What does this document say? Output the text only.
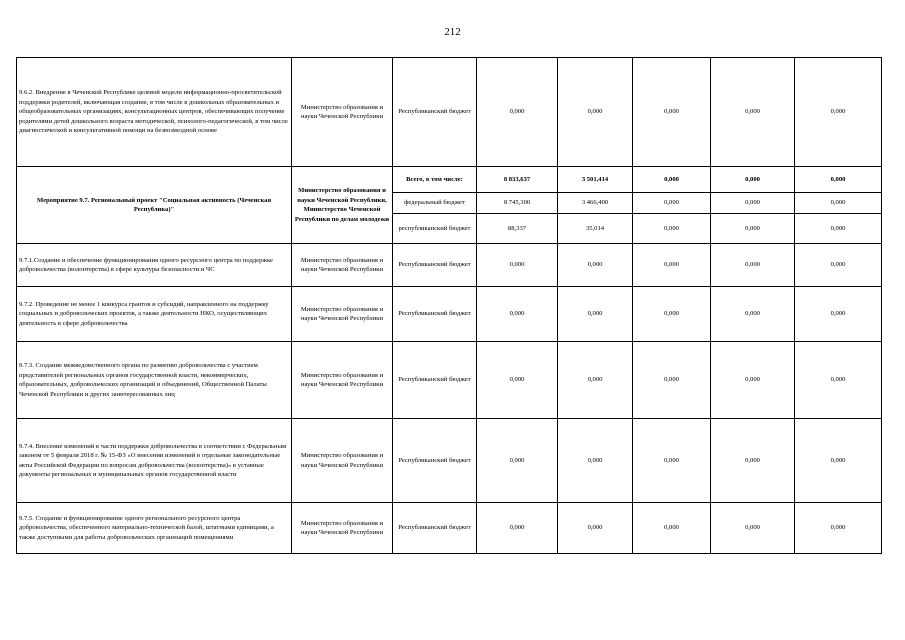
212
9.6.2. Внедрение в Чеченской Республике целевой модели информационно-просветительской поддержки родителей, включающая создание, в том числе в дошкольных образовательных и общеобразовательных организациях, консультационных центров, обеспечивающих получение родителями детей дошкольного возраста методической, психолого-педагогической, в том числе диагностической и консультативной помощи на безвозмездной основе	Министерство образования и науки Чеченской Республики	Республиканский бюджет	0,000	0,000	0,000	0,000	0,000
Мероприятие 9.7. Региональный проект "Социальная активность (Чеченская Республика)"	Министерство образования и науки Чеченской Республики, Министерство Чеченской Республики по делам молодежи	Всего, в том числе:	8 833,637	3 501,414	0,000	0,000	0,000
		федеральный бюджет	8 745,300	3 466,400	0,000	0,000	0,000
		республиканский бюджет	88,337	35,014	0,000	0,000	0,000
9.7.1.Создание и обеспечение функционирования одного ресурсного центра по поддержке добровольчества (волонтерства) в сфере культуры безопасности и ЧС	Министерство образования и науки Чеченской Республики	Республиканский бюджет	0,000	0,000	0,000	0,000	0,000
9.7.2. Проведение не менее 1 конкурса грантов и субсидий, направленного на поддержку социальных и добровольческих проектов, а также деятельности НКО, осуществляющих деятельность в сфере добровольчества	Министерство образования и науки Чеченской Республики	Республиканский бюджет	0,000	0,000	0,000	0,000	0,000
9.7.3. Создание межведомственного органа по развитию добровольчества с участием представителей региональных органов государственной власти, некоммерческих, образовательных, добровольческих организаций и объединений, Общественной Палаты Чеченской Республики и других заинтересованных лиц	Министерство образования и науки Чеченской Республики	Республиканский бюджет	0,000	0,000	0,000	0,000	0,000
9.7.4. Внесение изменений в части поддержки добровольчества в соответствии с Федеральным законом от 5 февраля 2018 г. № 15-ФЗ «О внесении изменений в отдельные законодательные акты Российской Федерации по вопросам добровольчества (волонтерства)» в уставные документы региональных и муниципальных органов государственной власти	Министерство образования и науки Чеченской Республики	Республиканский бюджет	0,000	0,000	0,000	0,000	0,000
9.7.5. Создание и функционирование одного регионального ресурсного центра добровольчества, обеспеченного материально-технической базой, штатными единицами, а также доступными для работы добровольческих организаций помещениями	Министерство образования и науки Чеченской Республики	Республиканский бюджет	0,000	0,000	0,000	0,000	0,000
